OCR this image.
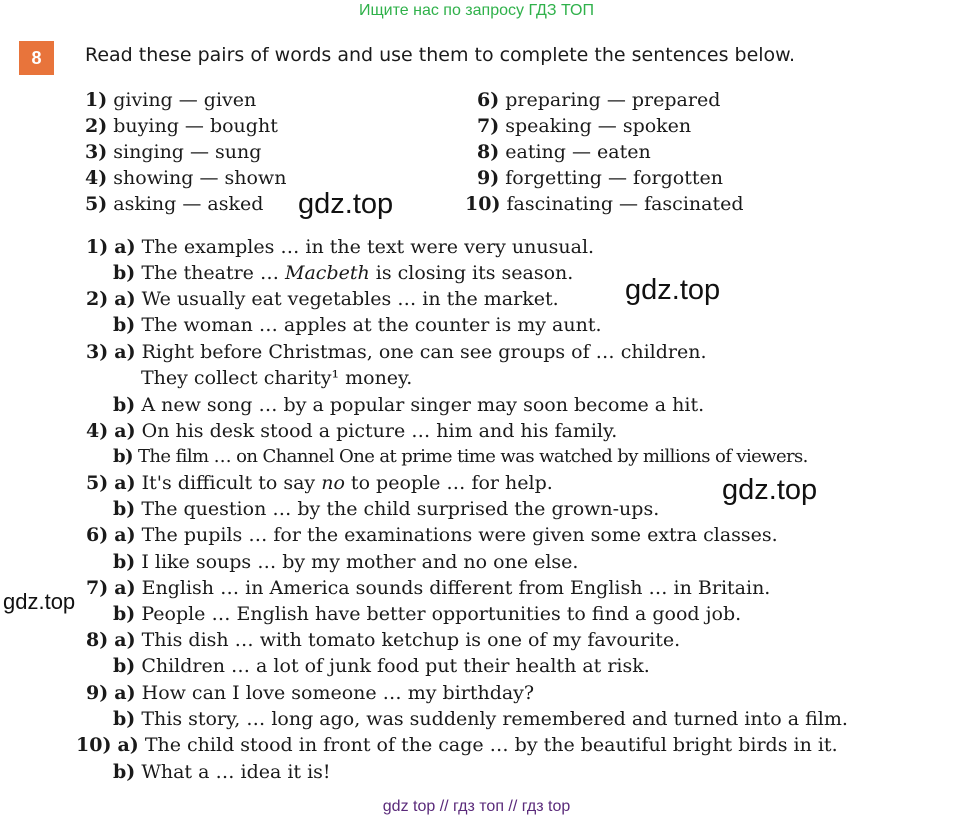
Ищите нас по запросу ГДЗ ТОП
8	Read these pairs of words and use them to complete the sentences below.
1) giving — given
2) buying — bought
3) singing — sung
4) showing — shown
5) asking — asked
6) preparing — prepared
7) speaking — spoken
8) eating — eaten
9) forgetting — forgotten
10) fascinating — fascinated
1) a) The examples … in the text were very unusual.
b) The theatre … Macbeth is closing its season.
2) a) We usually eat vegetables … in the market.
b) The woman … apples at the counter is my aunt.
3) a) Right before Christmas, one can see groups of … children.
They collect charity¹ money.
b) A new song … by a popular singer may soon become a hit.
4) a) On his desk stood a picture … him and his family.
b) The film … on Channel One at prime time was watched by millions of viewers.
5) a) It's difficult to say no to people … for help.
b) The question … by the child surprised the grown-ups.
6) a) The pupils … for the examinations were given some extra classes.
b) I like soups … by my mother and no one else.
7) a) English … in America sounds different from English … in Britain.
b) People … English have better opportunities to find a good job.
8) a) This dish … with tomato ketchup is one of my favourite.
b) Children … a lot of junk food put their health at risk.
9) a) How can I love someone … my birthday?
b) This story, … long ago, was suddenly remembered and turned into a film.
10) a) The child stood in front of the cage … by the beautiful bright birds in it.
b) What a … idea it is!
gdz.top
gdz.top
gdz.top
gdz.top
gdz top // гдз топ // гдз top
